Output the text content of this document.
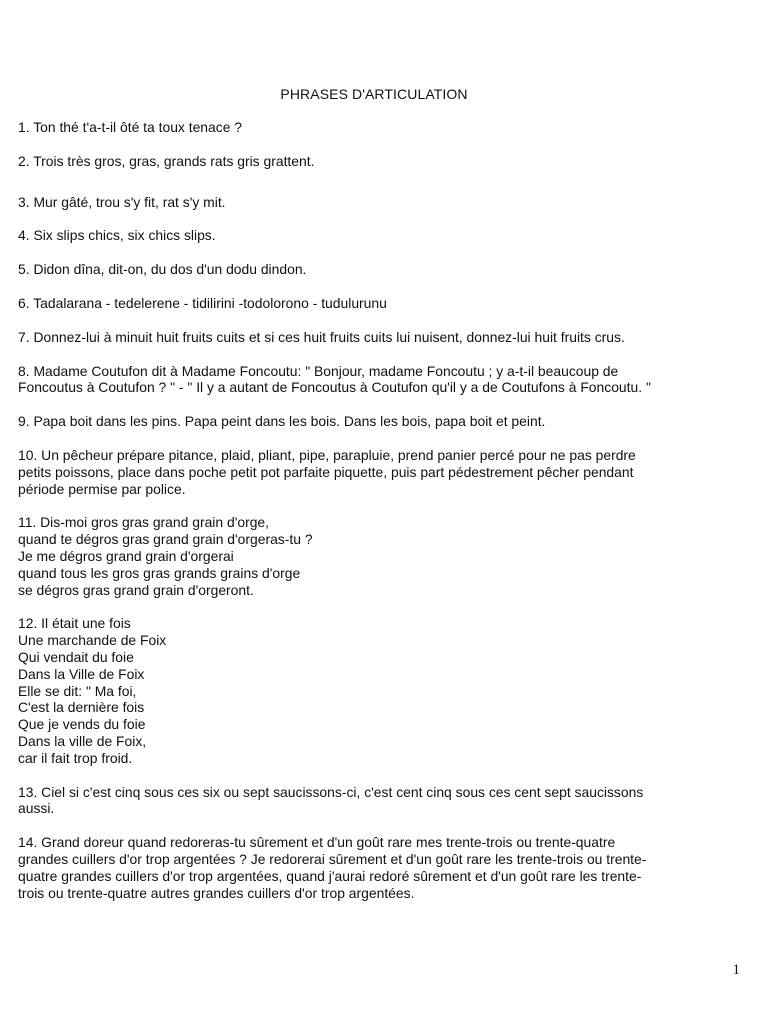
PHRASES D'ARTICULATION
1. Ton thé t'a-t-il ôté ta toux tenace ?
2. Trois très gros, gras, grands rats gris grattent.
3. Mur gâté, trou s'y fit, rat s'y mit.
4. Six slips chics, six chics slips.
5. Didon dîna, dit-on, du dos d'un dodu dindon.
6. Tadalarana - tedelerene - tidilirini -todolorono - tudulurunu
7. Donnez-lui à minuit huit fruits cuits et si ces huit fruits cuits lui nuisent, donnez-lui huit fruits crus.
8. Madame Coutufon dit à Madame Foncoutu: " Bonjour, madame Foncoutu ; y a-t-il beaucoup de
Foncoutus à Coutufon ? " - " Il y a autant de Foncoutus à Coutufon qu'il y a de Coutufons à Foncoutu. "
9. Papa boit dans les pins. Papa peint dans les bois. Dans les bois, papa boit et peint.
10. Un pêcheur prépare pitance, plaid, pliant, pipe, parapluie, prend panier percé pour ne pas perdre
petits poissons, place dans poche petit pot parfaite piquette, puis part pédestrement pêcher pendant
période permise par police.
11. Dis-moi gros gras grand grain d'orge,
quand te dégros gras grand grain d'orgeras-tu ?
Je me dégros grand grain d'orgerai
quand tous les gros gras grands grains d'orge
se dégros gras grand grain d'orgeront.
12. Il était une fois
Une marchande de Foix
Qui vendait du foie
Dans la Ville de Foix
Elle se dit: " Ma foi,
C'est la dernière fois
Que je vends du foie
Dans la ville de Foix,
car il fait trop froid.
13. Ciel si c'est cinq sous ces six ou sept saucissons-ci, c'est cent cinq sous ces cent sept saucissons
aussi.
14. Grand doreur quand redoreras-tu sûrement et d'un goût rare mes trente-trois ou trente-quatre
grandes cuillers d'or trop argentées ? Je redorerai sûrement et d'un goût rare les trente-trois ou trente-
quatre grandes cuillers d'or trop argentées, quand j'aurai redoré sûrement et d'un goût rare les trente-
trois ou trente-quatre autres grandes cuillers d'or trop argentées.
1
